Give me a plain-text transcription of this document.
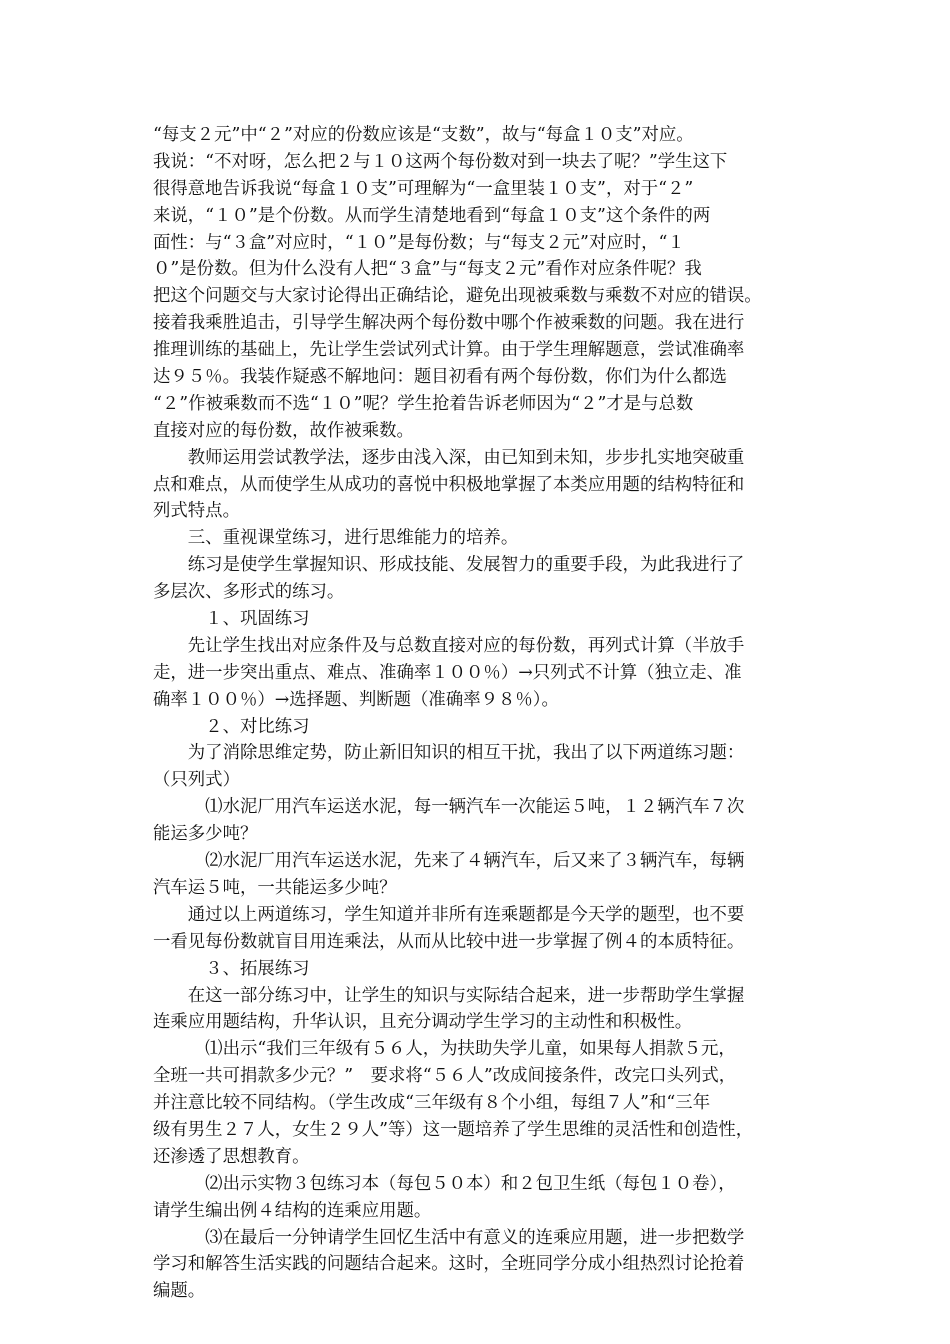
“每支２元”中“２”对应的份数应该是“支数”，故与“每盒１０支”对应。
我说：“不对呀，怎么把２与１０这两个每份数对到一块去了呢？”学生这下
很得意地告诉我说“每盒１０支”可理解为“一盒里装１０支”，对于“２”
来说，“１０”是个份数。从而学生清楚地看到“每盒１０支”这个条件的两
面性：与“３盒”对应时，“１０”是每份数；与“每支２元”对应时，“１
０”是份数。但为什么没有人把“３盒”与“每支２元”看作对应条件呢？我
把这个问题交与大家讨论得出正确结论，避免出现被乘数与乘数不对应的错误。
接着我乘胜追击，引导学生解决两个每份数中哪个作被乘数的问题。我在进行
推理训练的基础上，先让学生尝试列式计算。由于学生理解题意，尝试准确率
达９５％。我装作疑惑不解地问：题目初看有两个每份数，你们为什么都选
“２”作被乘数而不选“１０”呢？学生抢着告诉老师因为“２”才是与总数
直接对应的每份数，故作被乘数。
　　教师运用尝试教学法，逐步由浅入深，由已知到未知，步步扎实地突破重
点和难点，从而使学生从成功的喜悦中积极地掌握了本类应用题的结构特征和
列式特点。
　　三、重视课堂练习，进行思维能力的培养。
　　练习是使学生掌握知识、形成技能、发展智力的重要手段，为此我进行了
多层次、多形式的练习。
　　　１、巩固练习
　　先让学生找出对应条件及与总数直接对应的每份数，再列式计算（半放手
走，进一步突出重点、难点、准确率１００％）→只列式不计算（独立走、准
确率１００％）→选择题、判断题（准确率９８％）。
　　　２、对比练习
　　为了消除思维定势，防止新旧知识的相互干扰，我出了以下两道练习题：
（只列式）
　　　⑴水泥厂用汽车运送水泥，每一辆汽车一次能运５吨，１２辆汽车７次
能运多少吨？
　　　⑵水泥厂用汽车运送水泥，先来了４辆汽车，后又来了３辆汽车，每辆
汽车运５吨，一共能运多少吨？
　　通过以上两道练习，学生知道并非所有连乘题都是今天学的题型，也不要
一看见每份数就盲目用连乘法，从而从比较中进一步掌握了例４的本质特征。
　　　３、拓展练习
　　在这一部分练习中，让学生的知识与实际结合起来，进一步帮助学生掌握
连乘应用题结构，升华认识，且充分调动学生学习的主动性和积极性。
　　　⑴出示“我们三年级有５６人，为扶助失学儿童，如果每人捐款５元，
全班一共可捐款多少元？”　要求将“５６人”改成间接条件，改完口头列式，
并注意比较不同结构。（学生改成“三年级有８个小组，每组７人”和“三年
级有男生２７人，女生２９人”等）这一题培养了学生思维的灵活性和创造性，
还渗透了思想教育。
　　　⑵出示实物３包练习本（每包５０本）和２包卫生纸（每包１０卷），
请学生编出例４结构的连乘应用题。
　　　⑶在最后一分钟请学生回忆生活中有意义的连乘应用题，进一步把数学
学习和解答生活实践的问题结合起来。这时，全班同学分成小组热烈讨论抢着
编题。
